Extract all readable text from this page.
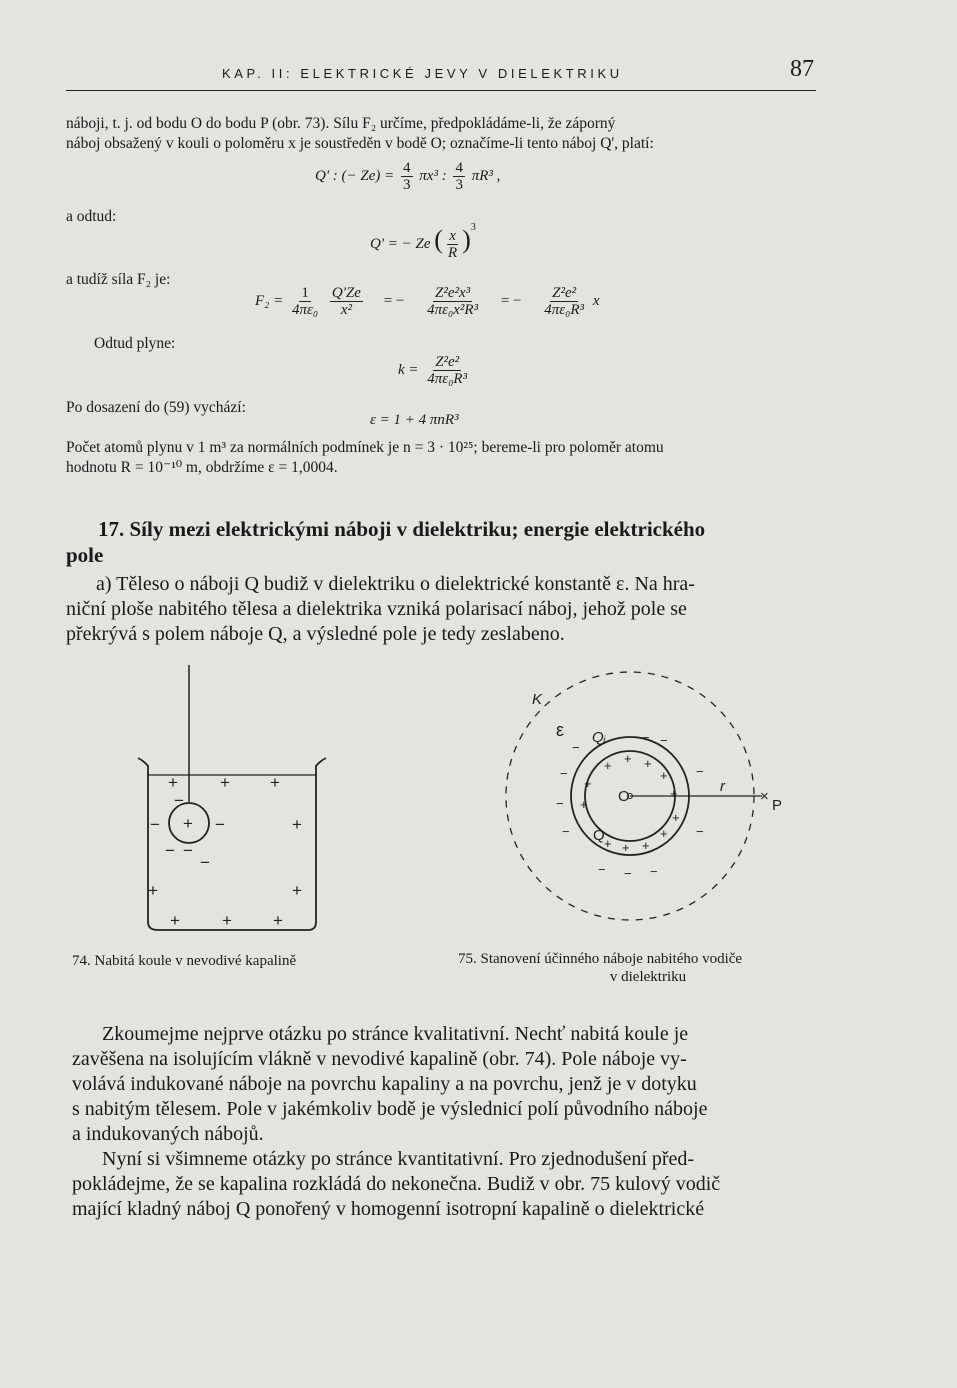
KAP. II: ELEKTRICKÉ JEVY V DIELEKTRIKU	87
náboji, t. j. od bodu O do bodu P (obr. 73). Sílu F₂ určíme, předpokládáme-li, že záporný
náboj obsažený v kouli o poloměru x je soustředěn v bodě O; označíme-li tento náboj Q', platí:
Q' : (− $Ze) = \frac{4}{3} \pi x^3$ : $\frac{4}{3} \pi R^3$ ,
a odtud:
Q' = − Ze ( $\frac{x}{R} )^3$
a tudíž síla F₂ je:
$F_2 = \frac{1}{\text{4πε₀}}$
$\frac{Q'Ze}{\text{x²}}$ = − $\frac{\text{Z²e²x³}}{\text{4πε₀x²R³}}$ = − $\frac{\text{Z²e²}}{\text{4πε₀R³}}$ x
Odtud plyne:
$k = \frac{\text{Z²e²}}{\text{4πε₀R³}}$
Po dosazení do (59) vychází:
ε = 1 + 4 πnR³
Počet atomů plynu v 1 m³ za normálních podmínek je n = 3 · 10²⁵; bereme-li pro poloměr atomu
hodnotu R = 10⁻¹⁰ m, obdržíme ε = 1,0004.
17. Síly mezi elektrickými náboji v dielektriku; energie elektrického
pole
a) Těleso o náboji Q budiž v dielektriku o dielektrické konstantě ε. Na hra-
niční ploše nabitého tělesa a dielektrika vzniká polarisací náboj, jehož pole se
překrývá s polem náboje Q, a výsledné pole je tedy zeslabeno.
+ + +
−
− + −	+
− −
−
+	+
+ + +
74. Nabitá koule v nevodivé kapalině
K
ε Qᵢ
O
Q
r
×
P
+
+ +
+
+
+
+
+
+
+
+
+
−
− −
−
−
−
−	−
− − −
75. Stanovení účinného náboje nabitého vodiče
v dielektriku
Zkoumejme nejprve otázku po stránce kvalitativní. Nechť nabitá koule je
zavěšena na isolujícím vlákně v nevodivé kapalině (obr. 74). Pole náboje vy-
volává indukované náboje na povrchu kapaliny a na povrchu, jenž je v dotyku
s nabitým tělesem. Pole v jakémkoliv bodě je výslednicí polí původního náboje
a indukovaných nábojů.
Nyní si všimneme otázky po stránce kvantitativní. Pro zjednodušení před-
pokládejme, že se kapalina rozkládá do nekonečna. Budiž v obr. 75 kulový vodič
mající kladný náboj Q ponořený v homogenní isotropní kapalině o dielektrické
